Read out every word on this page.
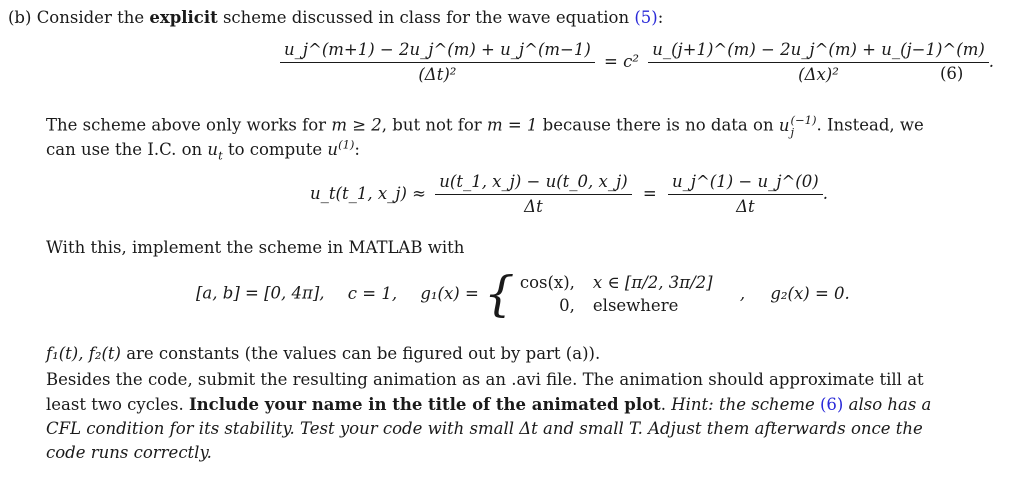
(b) Consider the explicit scheme discussed in class for the wave equation (5):
$\frac{u\_j\^{}(m+1) - 2u\_j\^{}(m) + u\_j\^{}(m-1)}{\text{(Δt)²}} = c^2 \frac{u\_(j+1)\^{}(m) - 2u\_j\^{}(m) + u\_(j-1)\^{}(m)}{\text{(Δx)²}}$ .
(6)
The scheme above only works for m ≥ 2, but not for m = 1 because there is no data on u (−1)
j	. Instead, we
can use the I.C. on $u_t$ to compute $u^{(1)}$:
u_t(t_1, x_j) ≈ $\frac{u(t\_1, x\_j) - u(t\_0, x\_j)}{\Delta t} = \frac{u\_j\^{}(1) - u\_j\^{}(0)}{\Delta t}$ .
With this, implement the scheme in MATLAB with
[a, b] = [0, 4π], c = 1, g₁(x) = { cos(x), x ∈ [π/2, 3π/2]
0, elsewhere
, g₂(x) = 0.
f₁(t), f₂(t) are constants (the values can be figured out by part (a)).
Besides the code, submit the resulting animation as an .avi file. The animation should approximate till at
least two cycles. Include your name in the title of the animated plot. Hint: the scheme (6) also has a
CFL condition for its stability. Test your code with small Δt and small T. Adjust them afterwards once the
code runs correctly.
